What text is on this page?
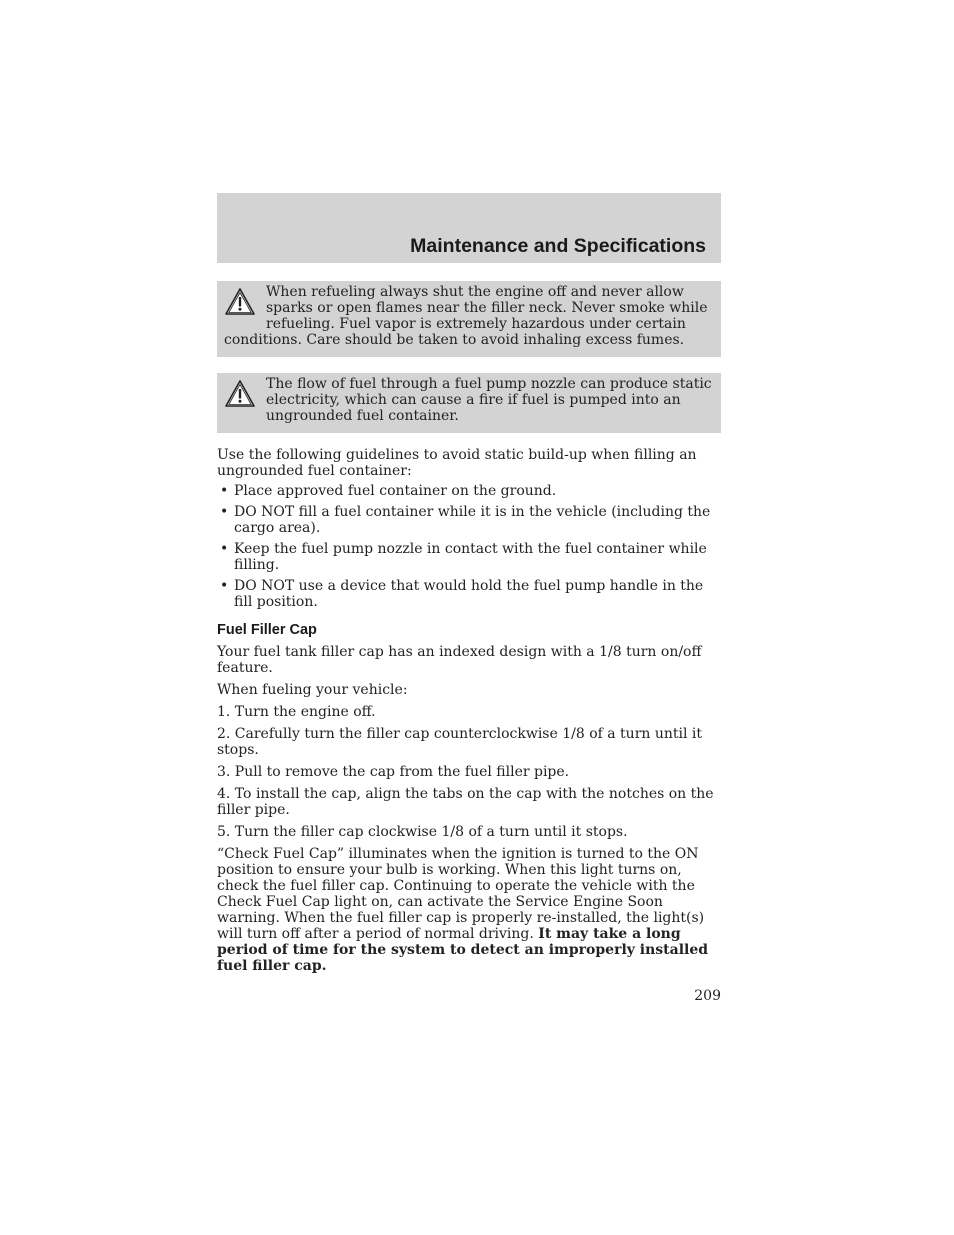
Maintenance and Specifications
When refueling always shut the engine off and never allow sparks or open flames near the filler neck. Never smoke while refueling. Fuel vapor is extremely hazardous under certain conditions. Care should be taken to avoid inhaling excess fumes.
The flow of fuel through a fuel pump nozzle can produce static electricity, which can cause a fire if fuel is pumped into an ungrounded fuel container.

Use the following guidelines to avoid static build-up when filling an ungrounded fuel container:

• Place approved fuel container on the ground.
• DO NOT fill a fuel container while it is in the vehicle (including the cargo area).
• Keep the fuel pump nozzle in contact with the fuel container while filling.
• DO NOT use a device that would hold the fuel pump handle in the fill position.
Fuel Filler Cap

Your fuel tank filler cap has an indexed design with a 1/8 turn on/off feature.

When fueling your vehicle:

1. Turn the engine off.

2. Carefully turn the filler cap counterclockwise 1/8 of a turn until it stops.

3. Pull to remove the cap from the fuel filler pipe.

4. To install the cap, align the tabs on the cap with the notches on the filler pipe.

5. Turn the filler cap clockwise 1/8 of a turn until it stops.

“Check Fuel Cap” illuminates when the ignition is turned to the ON position to ensure your bulb is working. When this light turns on, check the fuel filler cap. Continuing to operate the vehicle with the Check Fuel Cap light on, can activate the Service Engine Soon warning. When the fuel filler cap is properly re-installed, the light(s) will turn off after a period of normal driving. It may take a long period of time for the system to detect an improperly installed fuel filler cap.

209
